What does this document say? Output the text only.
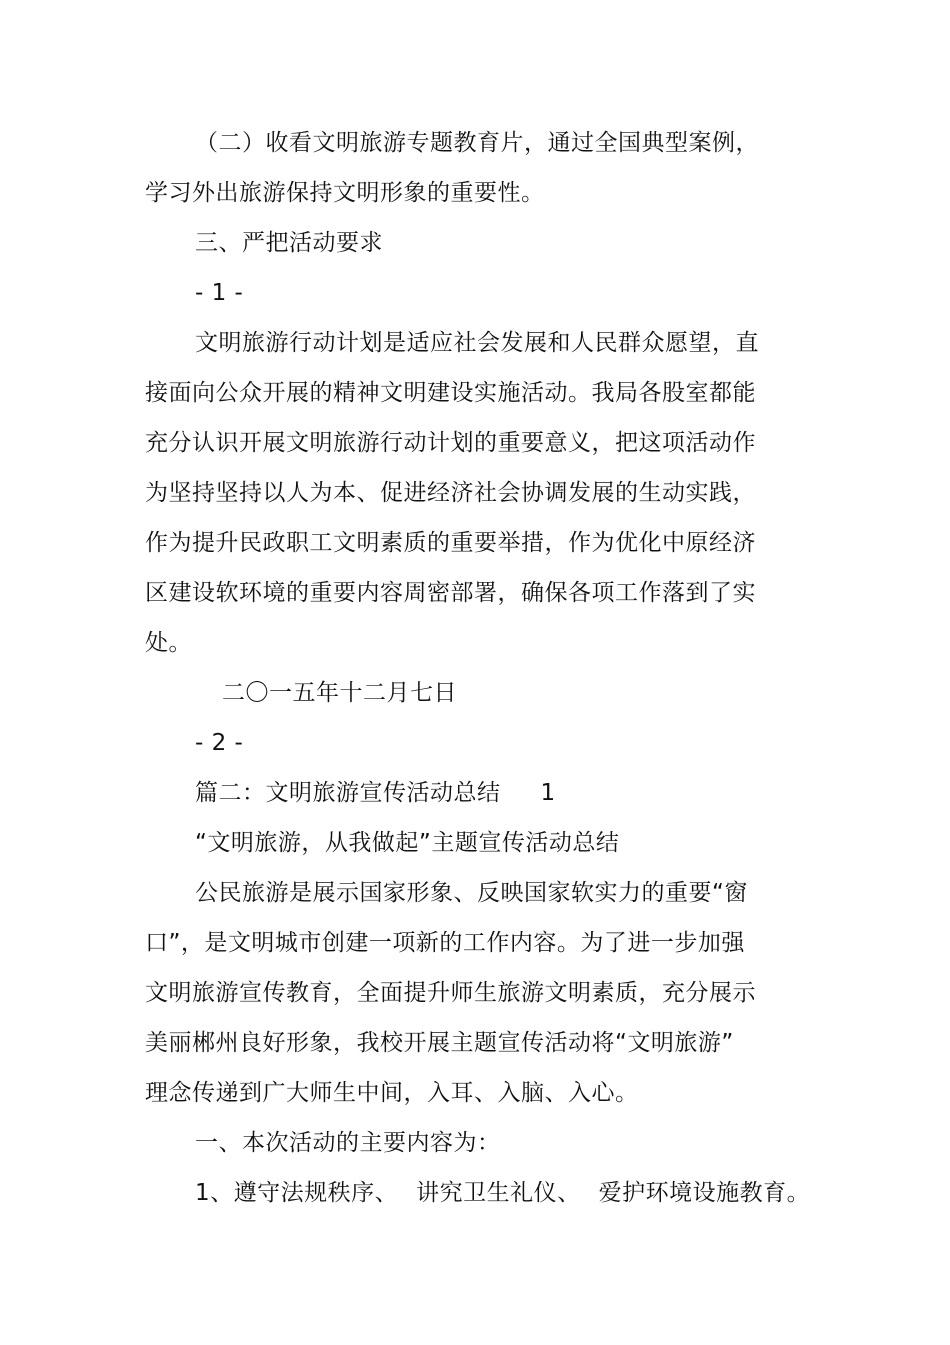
（二）收看文明旅游专题教育片，通过全国典型案例，
学习外出旅游保持文明形象的重要性。
三、严把活动要求
- 1 -
文明旅游行动计划是适应社会发展和人民群众愿望，直
接面向公众开展的精神文明建设实施活动。我局各股室都能
充分认识开展文明旅游行动计划的重要意义，把这项活动作
为坚持坚持以人为本、促进经济社会协调发展的生动实践，
作为提升民政职工文明素质的重要举措，作为优化中原经济
区建设软环境的重要内容周密部署，确保各项工作落到了实
处。
二〇一五年十二月七日
- 2 -
篇二：文明旅游宣传活动总结 1
“文明旅游，从我做起”主题宣传活动总结
公民旅游是展示国家形象、反映国家软实力的重要“窗
口”，是文明城市创建一项新的工作内容。为了进一步加强
文明旅游宣传教育，全面提升师生旅游文明素质，充分展示
美丽郴州良好形象，我校开展主题宣传活动将“文明旅游”
理念传递到广大师生中间，入耳、入脑、入心。
一、本次活动的主要内容为：
1、遵守法规秩序、 讲究卫生礼仪、 爱护环境设施教育。
